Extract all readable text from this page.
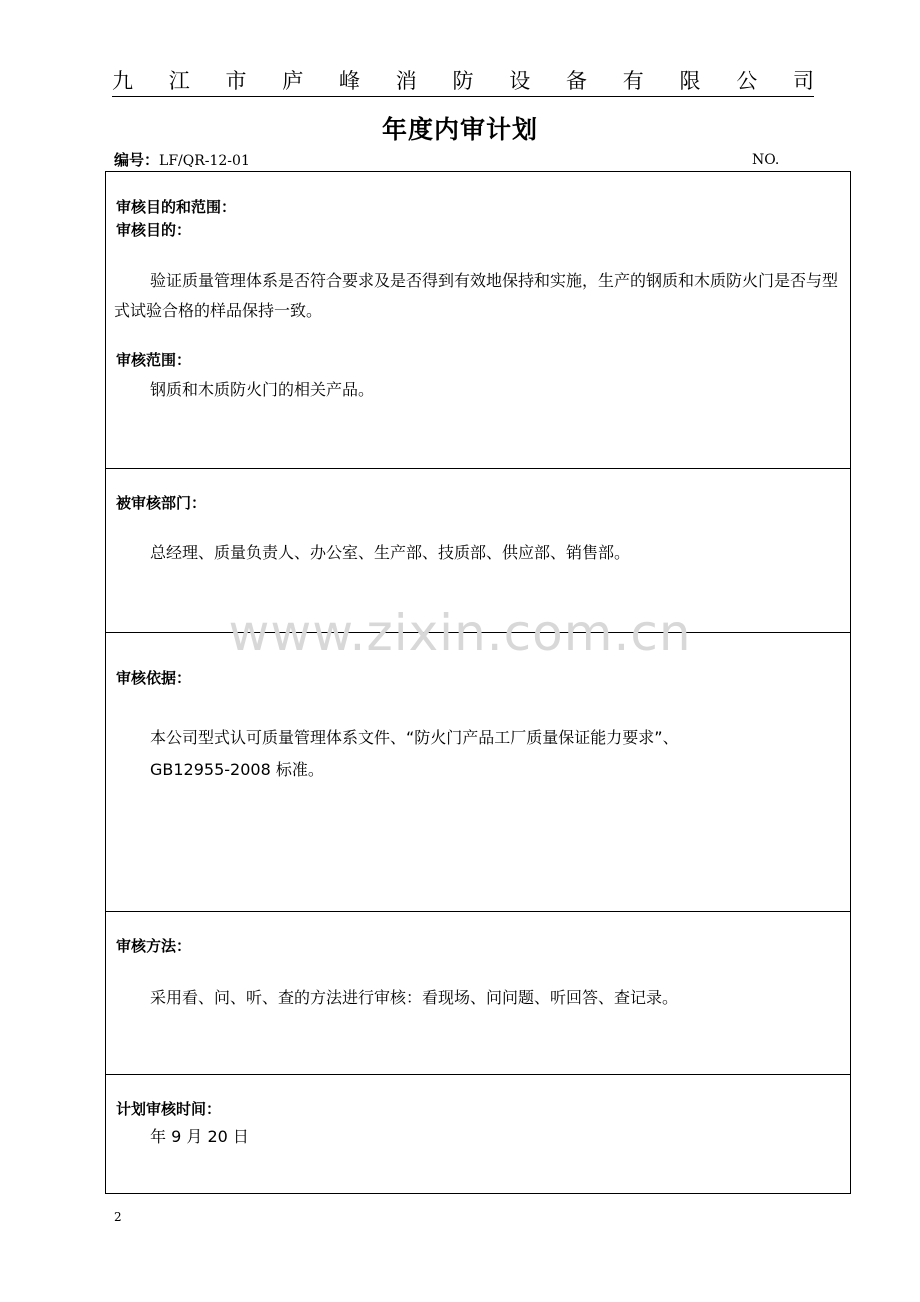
九 江 市 庐 峰 消 防 设 备 有 限 公 司
年度内审计划
编号：LF/QR-12-01	NO.
审核目的和范围：
审核目的：
验证质量管理体系是否符合要求及是否得到有效地保持和实施，生产的钢质和木质防火门是否与型式试验合格的样品保持一致。
审核范围：
钢质和木质防火门的相关产品。
被审核部门：
总经理、质量负责人、办公室、生产部、技质部、供应部、销售部。
审核依据：
本公司型式认可质量管理体系文件、“防火门产品工厂质量保证能力要求”、
GB12955-2008 标准。
审核方法：
采用看、问、听、查的方法进行审核：看现场、问问题、听回答、查记录。
计划审核时间：
年 9 月 20 日
www.zixin.com.cn
2
